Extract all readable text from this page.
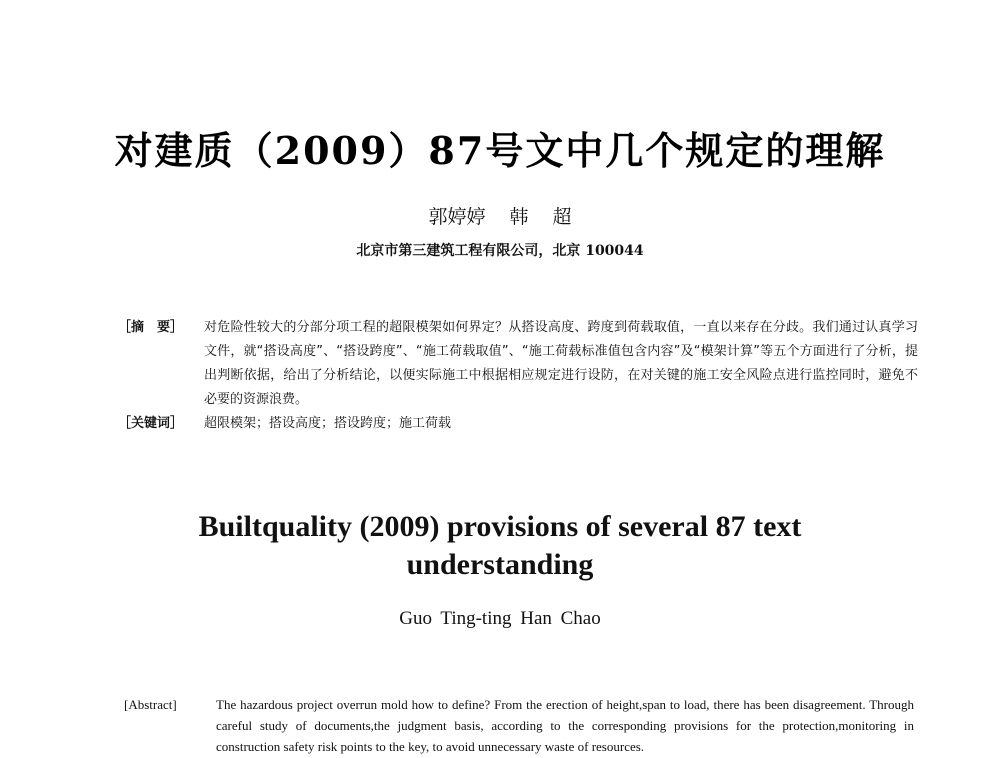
对建质（2009）87号文中几个规定的理解
郭婷婷 韩 超
北京市第三建筑工程有限公司，北京 100044
［摘　要］	对危险性较大的分部分项工程的超限模架如何界定？从搭设高度、跨度到荷载取值，一直以来存在分歧。我们通过认真学习文件，就“搭设高度”、“搭设跨度”、“施工荷载取值”、“施工荷载标准值包含内容”及“模架计算”等五个方面进行了分析，提出判断依据，给出了分析结论，以便实际施工中根据相应规定进行设防，在对关键的施工安全风险点进行监控同时，避免不必要的资源浪费。
［关键词］	超限模架；搭设高度；搭设跨度；施工荷载
Builtquality (2009) provisions of several 87 text
understanding
Guo Ting-ting Han Chao
[Abstract]	The hazardous project overrun mold how to define? From the erection of height,span to load, there has been disagreement. Through careful study of documents,the judgment basis, according to the corresponding provisions for the protection,monitoring in construction safety risk points to the key, to avoid unnecessary waste of resources.
